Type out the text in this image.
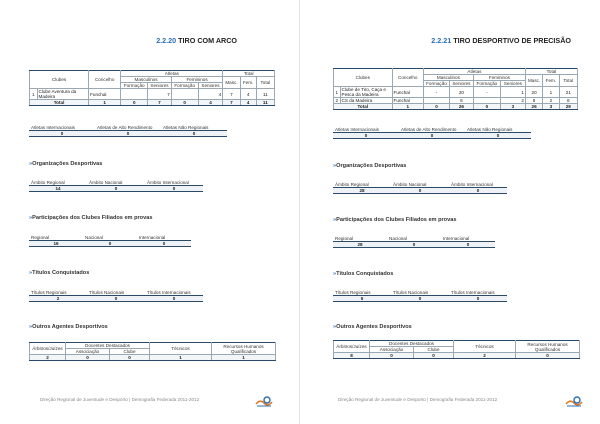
2.2.20 TIRO COM ARCO
Clubes		Concelho	Atletas				Total		
			Masculinos		Femininos		Masc.	Fem.	Total
			Formação	Seniores	Formação	Seniores			
1	Clube Aventura da Madeira	Funchal		7		4	7	4	11
Total		1	0	7	0	4	7	4	11
Atletas Internacionais	Atletas de Alto Rendimento	Atletas Não Regionais
0	0	0
»Organizações Desportivas
Âmbito Regional	Âmbito Nacional	Âmbito Internacional
14	0	0
»Participações dos Clubes Filiados em provas
Regional	Nacional	Internacional
16	0	0
»Títulos Conquistados
Títulos Regionais	Títulos Nacionais	Títulos Internacionais
2	0	0
»Outros Agentes Desportivos
Árbitros/Juízes	Docentes Destacados		Técnicos	Recursos Humanos Qualificados
	Associação	Clube		
2	0	0	1	1
Direção Regional de Juventude e Desporto | Demografia Federada 2011-2012
2.2.21 TIRO DESPORTIVO DE PRECISÃO
Clubes		Concelho	Atletas				Total		
			Masculinos		Femininos		Masc.	Fem.	Total
			Formação	Seniores	Formação	Seniores			
1	Clube de Tiro, Caça e Pesca da Madeira	Funchal	-	20	-	1	20	1	21
2	CS da Madeira	Funchal		6		2	6	2	8
Total		1	0	26	0	3	26	3	29
Atletas Internacionais	Atletas de Alto Rendimento	Atletas Não Regionais
0	0	0
»Organizações Desportivas
Âmbito Regional	Âmbito Nacional	Âmbito Internacional
28	0	0
»Participações dos Clubes Filiados em provas
Regional	Nacional	Internacional
28	0	0
»Títulos Conquistados
Títulos Regionais	Títulos Nacionais	Títulos Internacionais
5	0	0
»Outros Agentes Desportivos
Árbitros/Juízes	Docentes Destacados		Técnicos	Recursos Humanos Qualificados
	Associação	Clube		
8	0	0	2	0
Direção Regional de Juventude e Desporto | Demografia Federada 2011-2012
